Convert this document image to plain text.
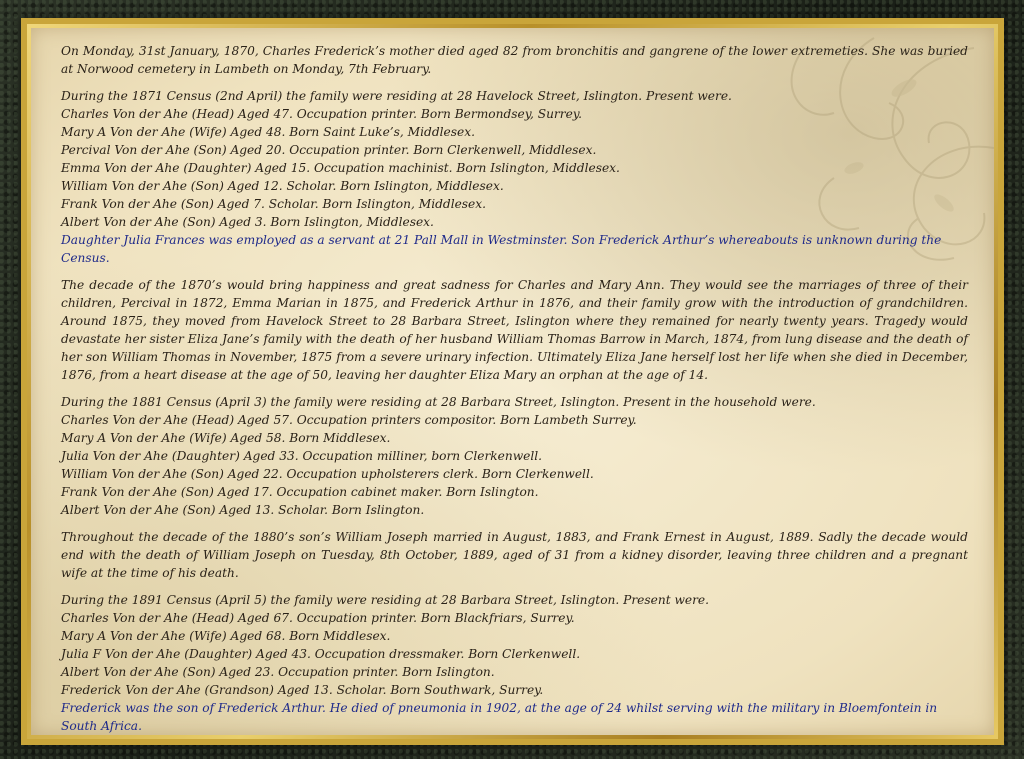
On Monday, 31st January, 1870, Charles Frederick’s mother died aged 82 from bronchitis and gangrene of the lower extremeties. She was buried at Norwood cemetery in Lambeth on Monday, 7th February.

During the 1871 Census (2nd April) the family were residing at 28 Havelock Street, Islington. Present were.
Charles Von der Ahe (Head) Aged 47. Occupation printer. Born Bermondsey, Surrey.
Mary A Von der Ahe (Wife) Aged 48. Born Saint Luke’s, Middlesex.
Percival Von der Ahe (Son) Aged 20. Occupation printer. Born Clerkenwell, Middlesex.
Emma Von der Ahe (Daughter) Aged 15. Occupation machinist. Born Islington, Middlesex.
William Von der Ahe (Son) Aged 12. Scholar. Born Islington, Middlesex.
Frank Von der Ahe (Son) Aged 7. Scholar. Born Islington, Middlesex.
Albert Von der Ahe (Son) Aged 3. Born Islington, Middlesex.
Daughter Julia Frances was employed as a servant at 21 Pall Mall in Westminster. Son Frederick Arthur’s whereabouts is unknown during the Census.

The decade of the 1870’s would bring happiness and great sadness for Charles and Mary Ann. They would see the marriages of three of their children, Percival in 1872, Emma Marian in 1875, and Frederick Arthur in 1876, and their family grow with the introduction of grandchildren. Around 1875, they moved from Havelock Street to 28 Barbara Street, Islington where they remained for nearly twenty years. Tragedy would devastate her sister Eliza Jane’s family with the death of her husband William Thomas Barrow in March, 1874, from lung disease and the death of her son William Thomas in November, 1875 from a severe urinary infection. Ultimately Eliza Jane herself lost her life when she died in December, 1876, from a heart disease at the age of 50, leaving her daughter Eliza Mary an orphan at the age of 14.

During the 1881 Census (April 3) the family were residing at 28 Barbara Street, Islington. Present in the household were.
Charles Von der Ahe (Head) Aged 57. Occupation printers compositor. Born Lambeth Surrey.
Mary A Von der Ahe (Wife) Aged 58. Born Middlesex.
Julia Von der Ahe (Daughter) Aged 33. Occupation milliner, born Clerkenwell.
William Von der Ahe (Son) Aged 22. Occupation upholsterers clerk. Born Clerkenwell.
Frank Von der Ahe (Son) Aged 17. Occupation cabinet maker. Born Islington.
Albert Von der Ahe (Son) Aged 13. Scholar. Born Islington.

Throughout the decade of the 1880’s son’s William Joseph married in August, 1883, and Frank Ernest in August, 1889. Sadly the decade would end with the death of William Joseph on Tuesday, 8th October, 1889, aged of 31 from a kidney disorder, leaving three children and a pregnant wife at the time of his death.

During the 1891 Census (April 5) the family were residing at 28 Barbara Street, Islington. Present were.
Charles Von der Ahe (Head) Aged 67. Occupation printer. Born Blackfriars, Surrey.
Mary A Von der Ahe (Wife) Aged 68. Born Middlesex.
Julia F Von der Ahe (Daughter) Aged 43. Occupation dressmaker. Born Clerkenwell.
Albert Von der Ahe (Son) Aged 23. Occupation printer. Born Islington.
Frederick Von der Ahe (Grandson) Aged 13. Scholar. Born Southwark, Surrey.
Frederick was the son of Frederick Arthur. He died of pneumonia in 1902, at the age of 24 whilst serving with the military in Bloemfontein in South Africa.
